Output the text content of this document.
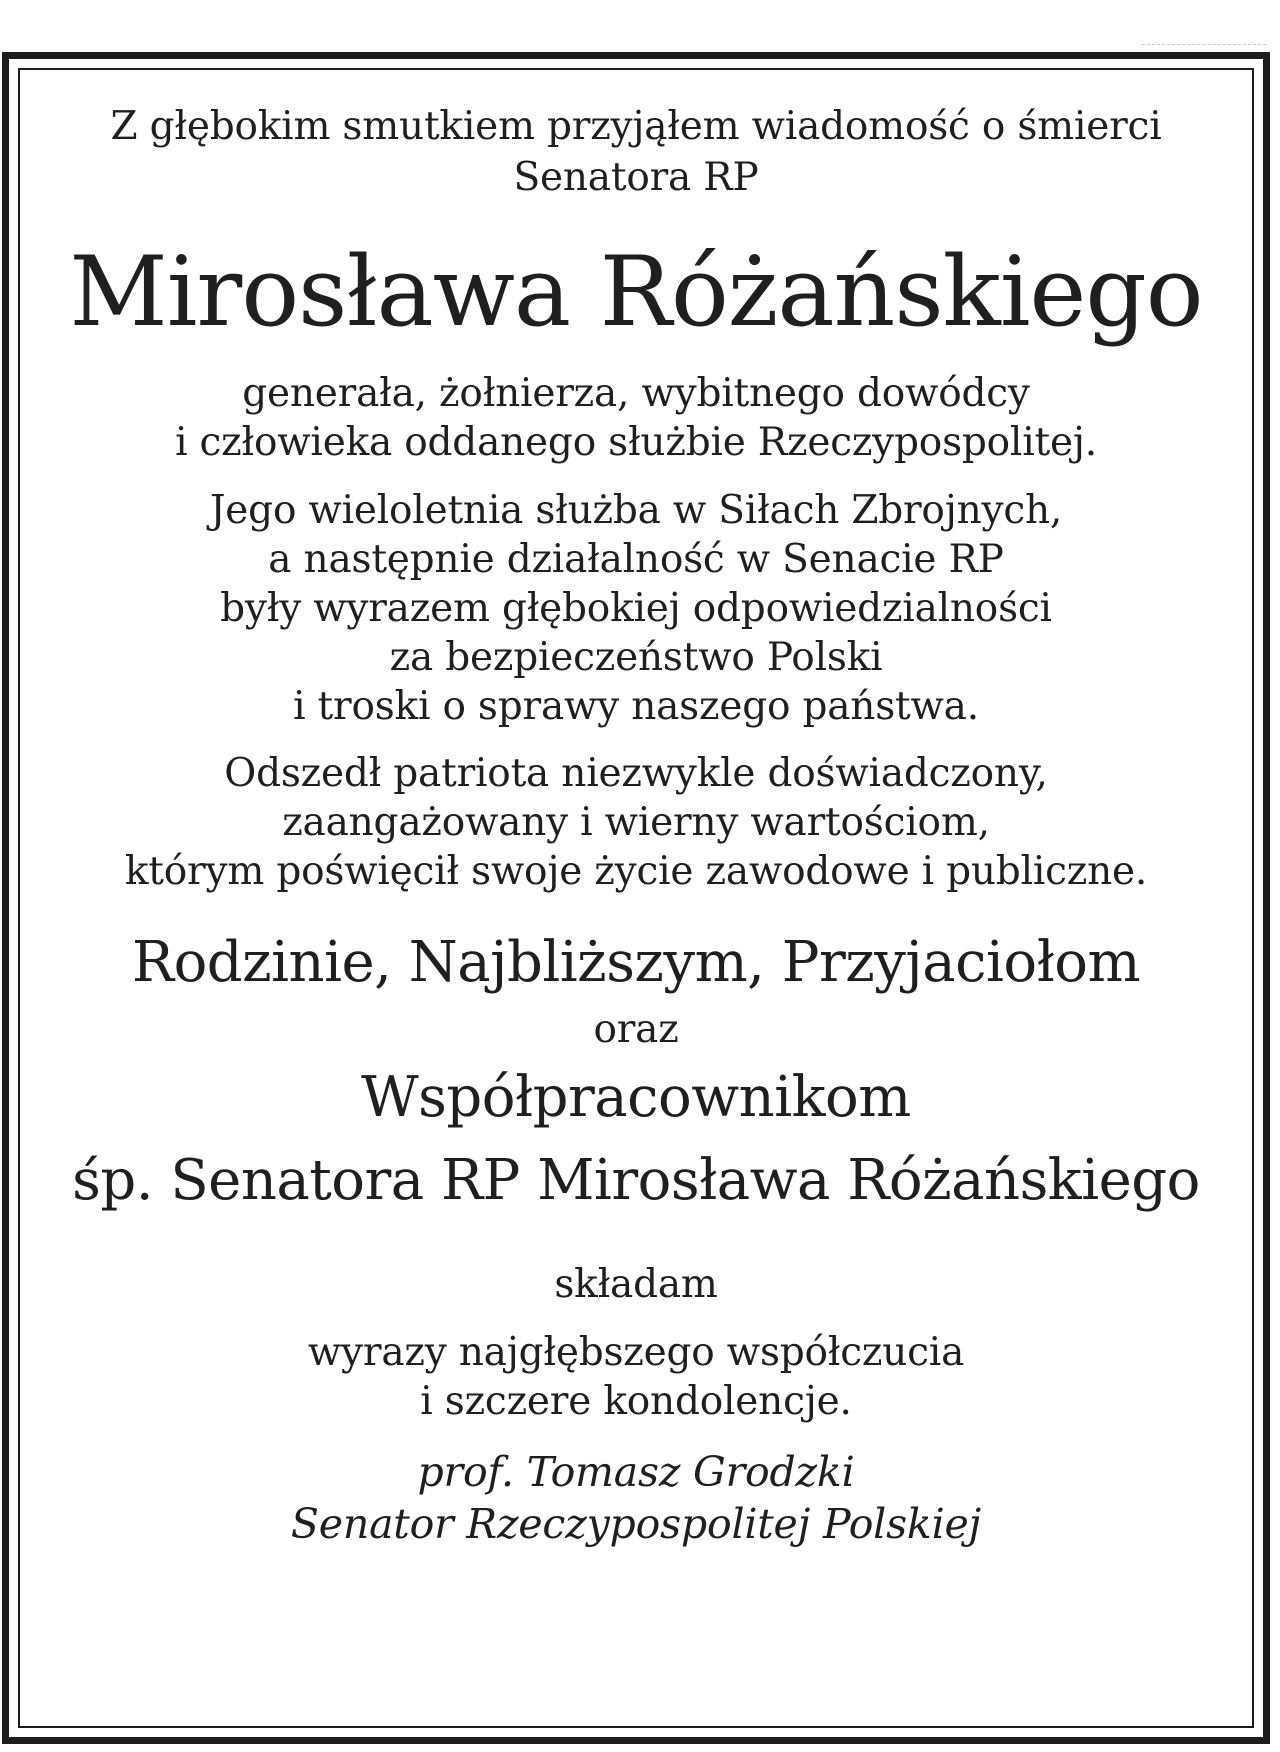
Z głębokim smutkiem przyjąłem wiadomość o śmierci
Senatora RP
Mirosława Różańskiego
generała, żołnierza, wybitnego dowódcy
i człowieka oddanego służbie Rzeczypospolitej.
Jego wieloletnia służba w Siłach Zbrojnych,
a następnie działalność w Senacie RP
były wyrazem głębokiej odpowiedzialności
za bezpieczeństwo Polski
i troski o sprawy naszego państwa.
Odszedł patriota niezwykle doświadczony,
zaangażowany i wierny wartościom,
którym poświęcił swoje życie zawodowe i publiczne.
Rodzinie, Najbliższym, Przyjaciołom
oraz
Współpracownikom
śp. Senatora RP Mirosława Różańskiego
składam
wyrazy najgłębszego współczucia
i szczere kondolencje.
prof. Tomasz Grodzki
Senator Rzeczypospolitej Polskiej
